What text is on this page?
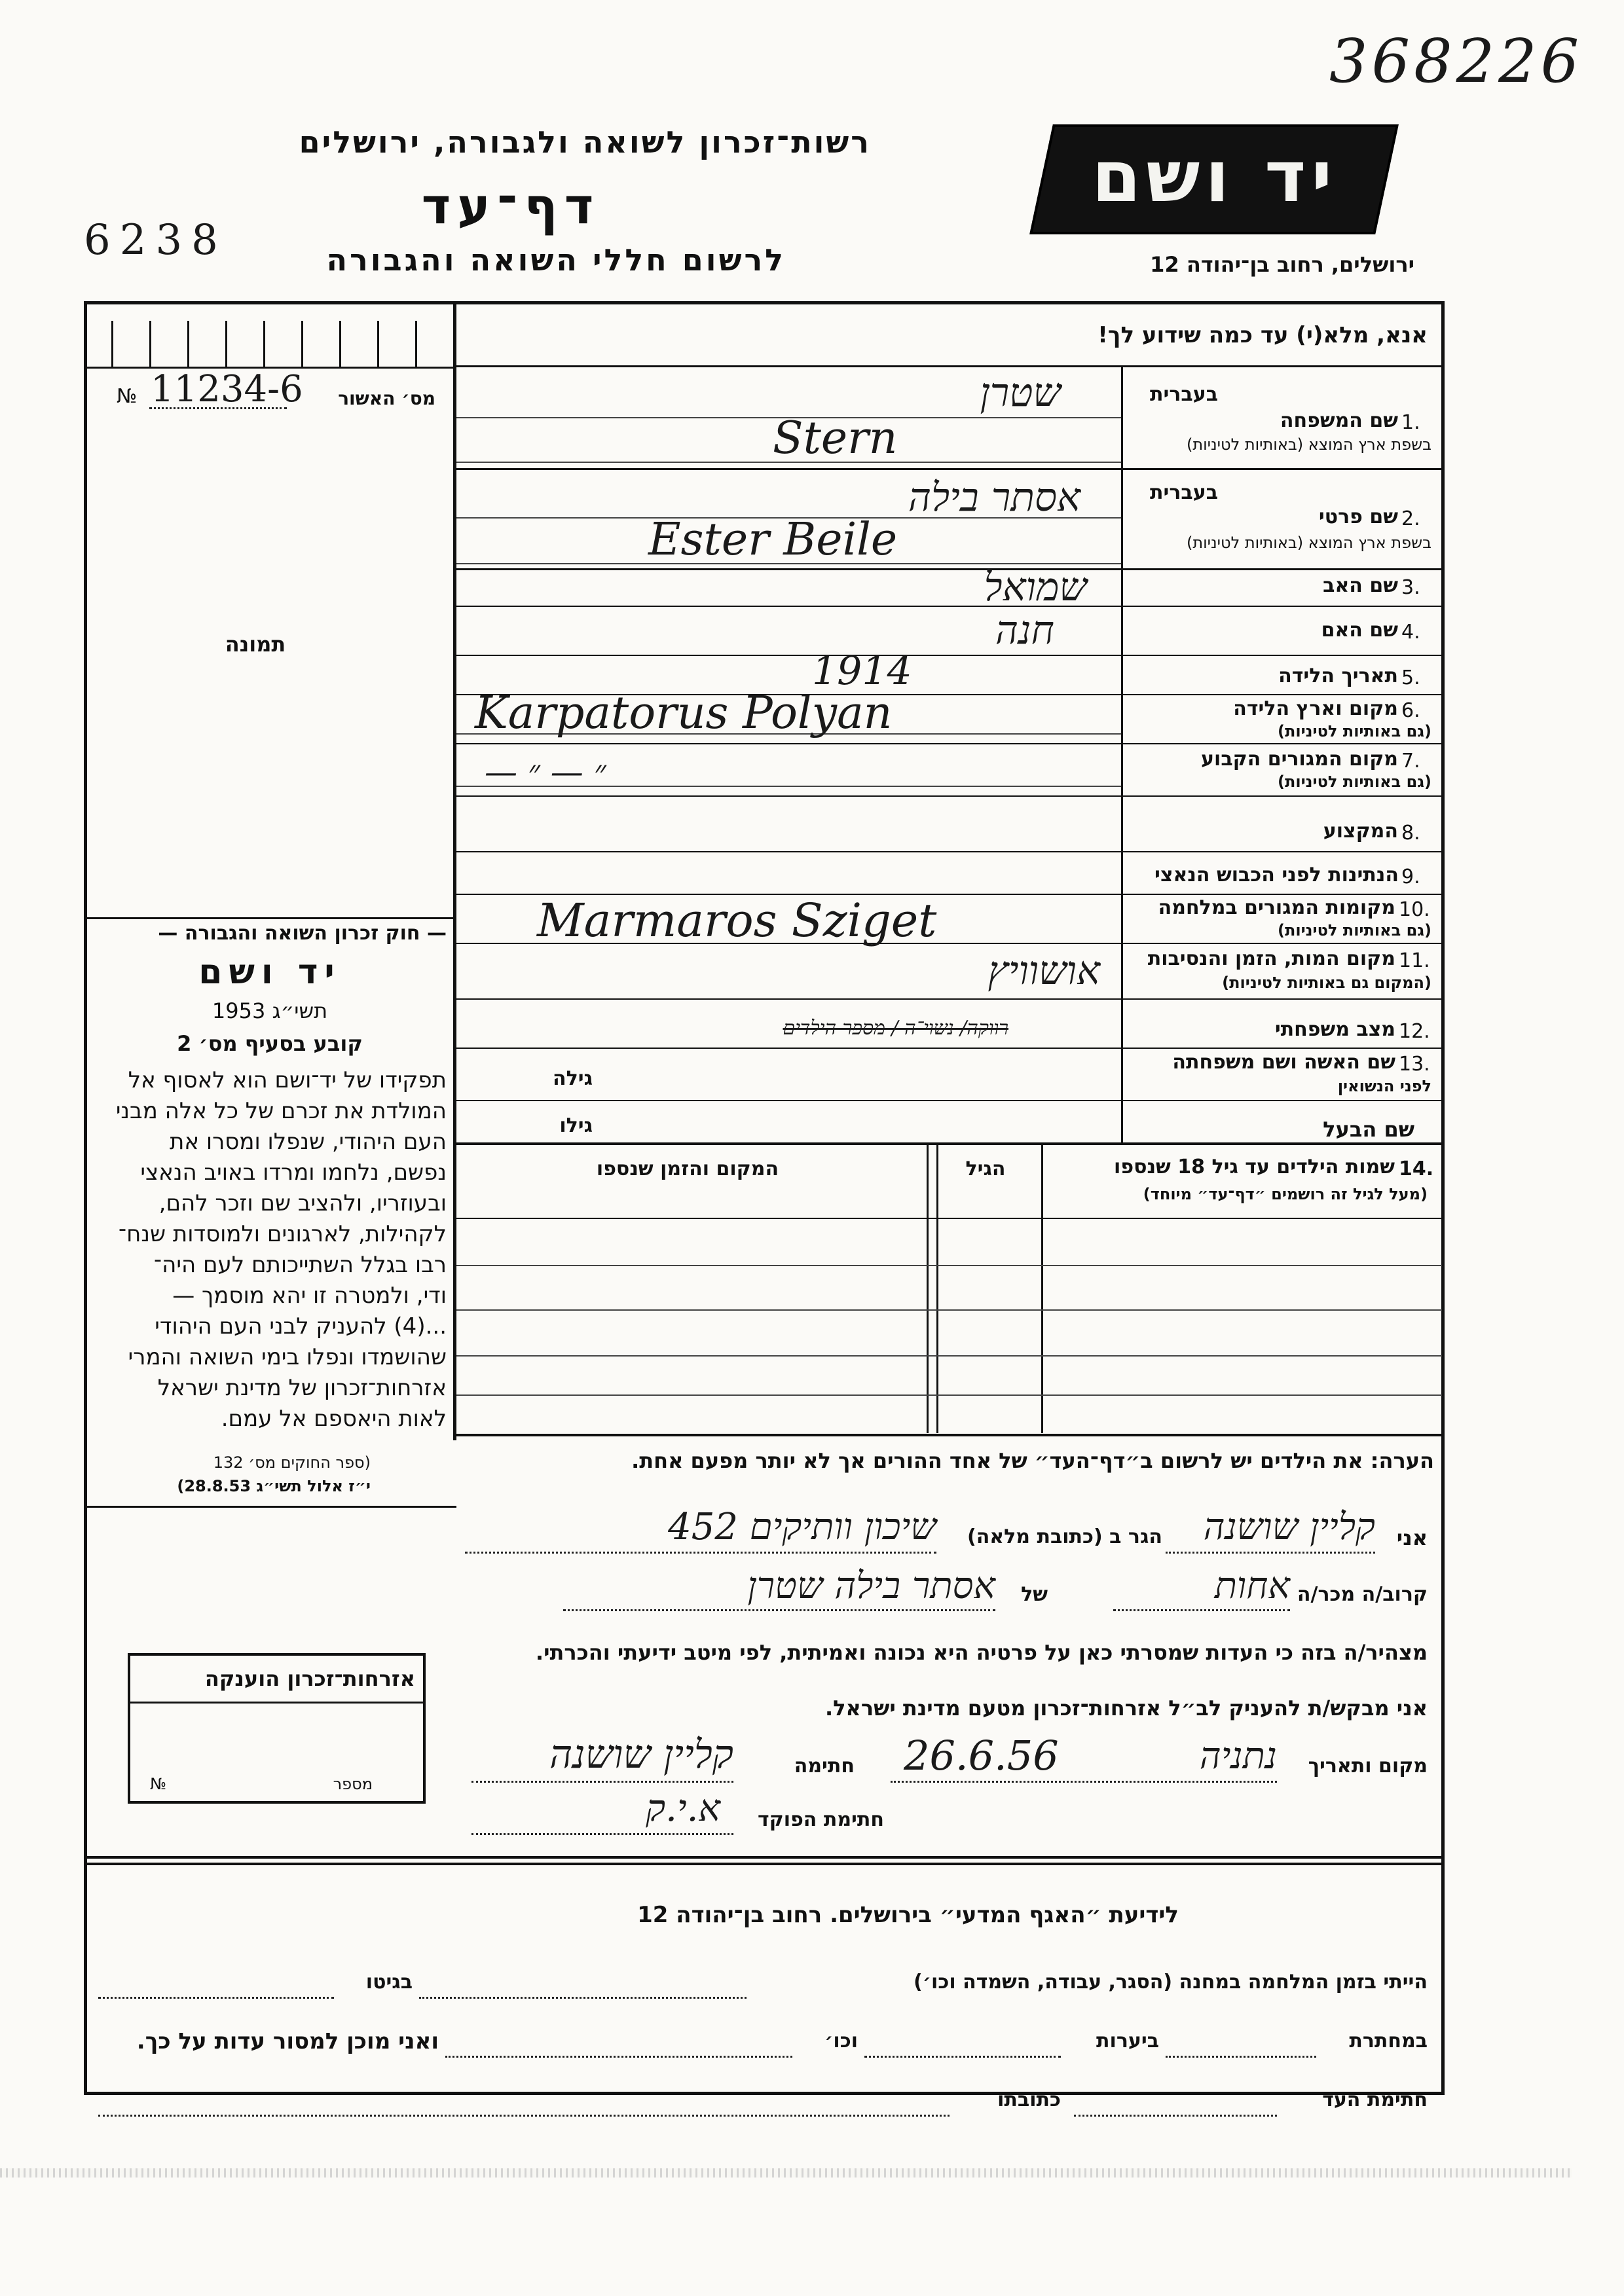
368226
רשות־זכרון לשואה ולגבורה, ירושלים
דף־עד
6238	לרשום חללי השואה והגבורה
יד ושם
ירושלים, רחוב בן־יהודה 12
אנא, מלא(י) עד כמה שידוע לך!
№ 11234-6	מס׳ האשור
תמונה
— חוק זכרון השואה והגבורה —
יד ושם
תשי״ג 1953
קובע בסעיף מס׳ 2
תפקידו של יד־ושם הוא לאסוף אל
המולדת את זכרם של כל אלה מבני
העם היהודי, שנפלו ומסרו את
נפשם, נלחמו ומרדו באויב הנאצי
ובעוזריו, ולהציב שם וזכר להם,
לקהילות, לארגונים ולמוסדות שנח־
רבו בגלל השתייכותם לעם היה־
ודי, ולמטרה זו יהא מוסמך —
...(4) להעניק לבני העם היהודי
שהושמדו ונפלו בימי השואה והמרי
אזרחות־זכרון של מדינת ישראל
לאות היאספם אל עמם.
(ספר החוקים מס׳ 132
י״ז אלול תשי״ג 28.8.53)
בעברית
1.
שם המשפחה
בשפת ארץ המוצא (באותיות לטיניות)
שטרן
Stern
בעברית
2.
שם פרטי
בשפת ארץ המוצא (באותיות לטיניות)
אסתר בילה
Ester Beile
3.
שם האב
שמואל
4.
שם האם
חנה
5.
תאריך הלידה
1914
6.
מקום וארץ הלידה
(גם באותיות לטיניות)
Karpatorus Polyan
7.
מקום המגורים הקבוע
(גם באותיות לטיניות)
— ״ — ״
8.
המקצוע
9.
הנתינות לפני הכבוש הנאצי
10.
מקומות המגורים במלחמה
(גם באותיות לטיניות)
Marmaros Sziget
11.
מקום המות, הזמן והנסיבות
(המקום גם באותיות לטיניות)
אושוויץ
12.
מצב משפחתי
רווקה/ נשוי־ה / מספר הילדים
13.
שם האשה ושם משפחתה
לפני הנשואין
גילה
שם הבעל
גילו
14.
שמות הילדים עד גיל 18 שנספו
(מעל לגיל זה רושמים ״דף־עד״ מיוחד)
הגיל
המקום והזמן שנספו
הערה: את הילדים יש לרשום ב״דף־העד״ של אחד ההורים אך לא יותר מפעם אחת.
אני
קליין שושנה
הגר ב (כתובת מלאה)
שיכון וותיקים 452
קרוב/ה מכר/ה
אחות
של
אסתר בילה שטרן
מצהיר/ה בזה כי העדות שמסרתי כאן על פרטיה היא נכונה ואמיתית, לפי מיטב ידיעתי והכרתי.
אני מבקש/ת להעניק לב״ל אזרחות־זכרון מטעם מדינת ישראל.
מקום ותאריך
נתניה
26.6.56
חתימה
קליין שושנה
חתימת הפוקד
א.י.ק
אזרחות־זכרון הוענקה
מספר
№
לידיעת ״האגף המדעי״ בירושלים. רחוב בן־יהודה 12
הייתי בזמן המלחמה במחנה (הסגר, עבודה, השמדה וכו׳)
בגיטו
במחתרת
ביערות
וכו׳
ואני מוכן למסור עדות על כך.
חתימת העד
כתובתו
